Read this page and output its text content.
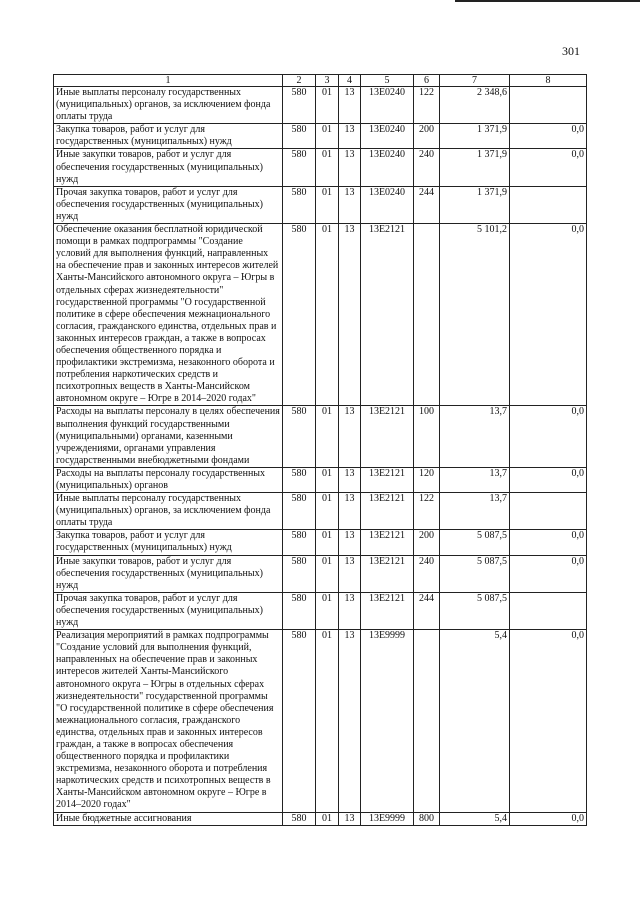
301
1	2	3	4	5	6	7	8
Иные выплаты персоналу государственных (муниципальных) органов, за исключением фонда оплаты труда	580	01	13	13Е0240	122	2 348,6	
Закупка товаров, работ и услуг для государственных (муниципальных) нужд	580	01	13	13Е0240	200	1 371,9	0,0
Иные закупки товаров, работ и услуг для обеспечения государственных (муниципальных) нужд	580	01	13	13Е0240	240	1 371,9	0,0
Прочая закупка товаров, работ и услуг для обеспечения государственных (муниципальных) нужд	580	01	13	13Е0240	244	1 371,9	
Обеспечение оказания бесплатной юридической помощи в рамках подпрограммы "Создание условий для выполнения функций, направленных на обеспечение прав и законных интересов жителей Ханты-Мансийского автономного округа – Югры в отдельных сферах жизнедеятельности" государственной программы "О государственной политике в сфере обеспечения межнационального согласия, гражданского единства, отдельных прав и законных интересов граждан, а также в вопросах обеспечения общественного порядка и профилактики экстремизма, незаконного оборота и потребления наркотических средств и психотропных веществ в Ханты-Мансийском автономном округе – Югре в 2014–2020 годах"	580	01	13	13Е2121		5 101,2	0,0
Расходы на выплаты персоналу в целях обеспечения выполнения функций государственными (муниципальными) органами, казенными учреждениями, органами управления государственными внебюджетными фондами	580	01	13	13Е2121	100	13,7	0,0
Расходы на выплаты персоналу государственных (муниципальных) органов	580	01	13	13Е2121	120	13,7	0,0
Иные выплаты персоналу государственных (муниципальных) органов, за исключением фонда оплаты труда	580	01	13	13Е2121	122	13,7	
Закупка товаров, работ и услуг для государственных (муниципальных) нужд	580	01	13	13Е2121	200	5 087,5	0,0
Иные закупки товаров, работ и услуг для обеспечения государственных (муниципальных) нужд	580	01	13	13Е2121	240	5 087,5	0,0
Прочая закупка товаров, работ и услуг для обеспечения государственных (муниципальных) нужд	580	01	13	13Е2121	244	5 087,5	
Реализация мероприятий в рамках подпрограммы "Создание условий для выполнения функций, направленных на обеспечение прав и законных интересов жителей Ханты-Мансийского автономного округа – Югры в отдельных сферах жизнедеятельности" государственной программы "О государственной политике в сфере обеспечения межнационального согласия, гражданского единства, отдельных прав и законных интересов граждан, а также в вопросах обеспечения общественного порядка и профилактики экстремизма, незаконного оборота и потребления наркотических средств и психотропных веществ в Ханты-Мансийском автономном округе – Югре в 2014–2020 годах"	580	01	13	13Е9999		5,4	0,0
Иные бюджетные ассигнования	580	01	13	13Е9999	800	5,4	0,0
